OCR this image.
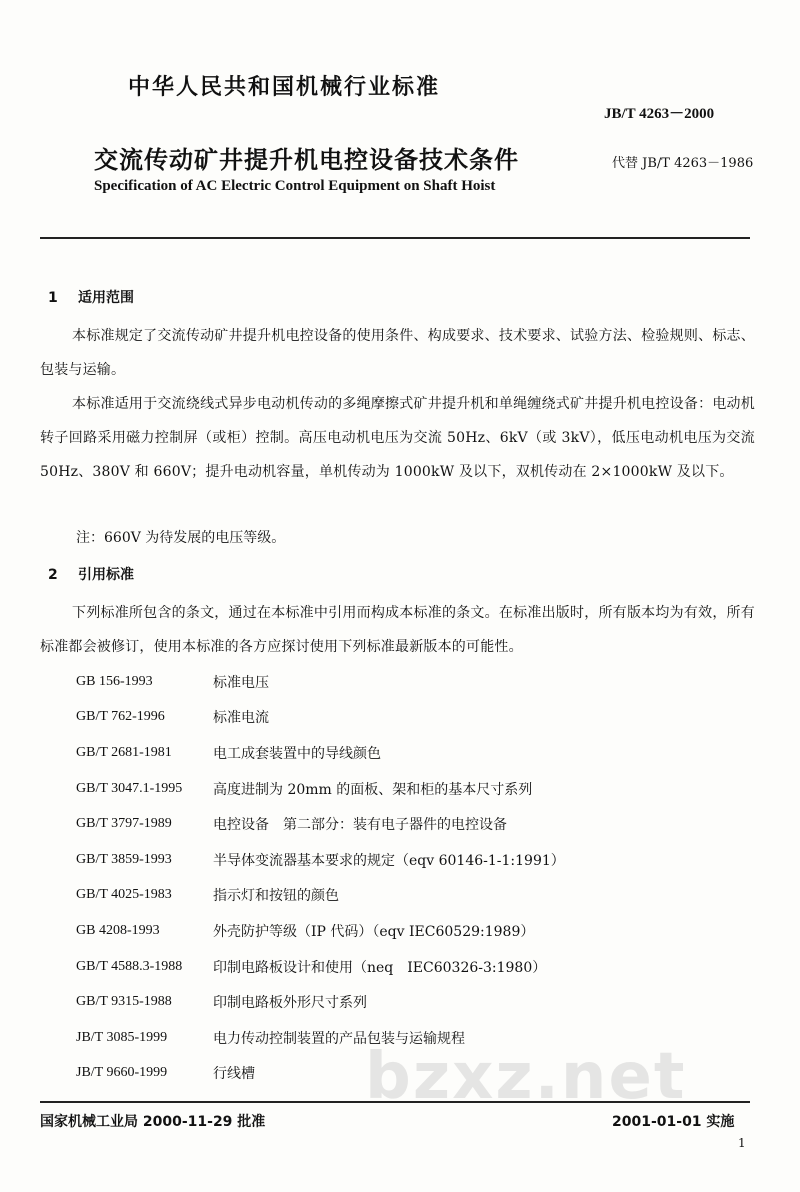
bzxz.net
中华人民共和国机械行业标准
JB/T 4263－2000
交流传动矿井提升机电控设备技术条件	代替 JB/T 4263－1986
Specification of AC Electric Control Equipment on Shaft Hoist
1 适用范围
本标准规定了交流传动矿井提升机电控设备的使用条件、构成要求、技术要求、试验方法、检验规则、标志、包装与运输。
本标准适用于交流绕线式异步电动机传动的多绳摩擦式矿井提升机和单绳缠绕式矿井提升机电控设备：电动机转子回路采用磁力控制屏（或柜）控制。高压电动机电压为交流 50Hz、6kV（或 3kV），低压电动机电压为交流 50Hz、380V 和 660V；提升电动机容量，单机传动为 1000kW 及以下，双机传动在 2×1000kW 及以下。
注：660V 为待发展的电压等级。
2 引用标准
下列标准所包含的条文，通过在本标准中引用而构成本标准的条文。在标准出版时，所有版本均为有效，所有标准都会被修订，使用本标准的各方应探讨使用下列标准最新版本的可能性。
GB 156-1993	标准电压
GB/T 762-1996	标准电流
GB/T 2681-1981	电工成套装置中的导线颜色
GB/T 3047.1-1995	高度进制为 20mm 的面板、架和柜的基本尺寸系列
GB/T 3797-1989	电控设备　第二部分：装有电子器件的电控设备
GB/T 3859-1993	半导体变流器基本要求的规定（eqv 60146-1-1:1991）
GB/T 4025-1983	指示灯和按钮的颜色
GB 4208-1993	外壳防护等级（IP 代码）（eqv IEC60529:1989）
GB/T 4588.3-1988	印制电路板设计和使用（neq　IEC60326-3:1980）
GB/T 9315-1988	印制电路板外形尺寸系列
JB/T 3085-1999	电力传动控制装置的产品包装与运输规程
JB/T 9660-1999	行线槽
国家机械工业局 2000-11-29 批准	2001-01-01 实施
1
